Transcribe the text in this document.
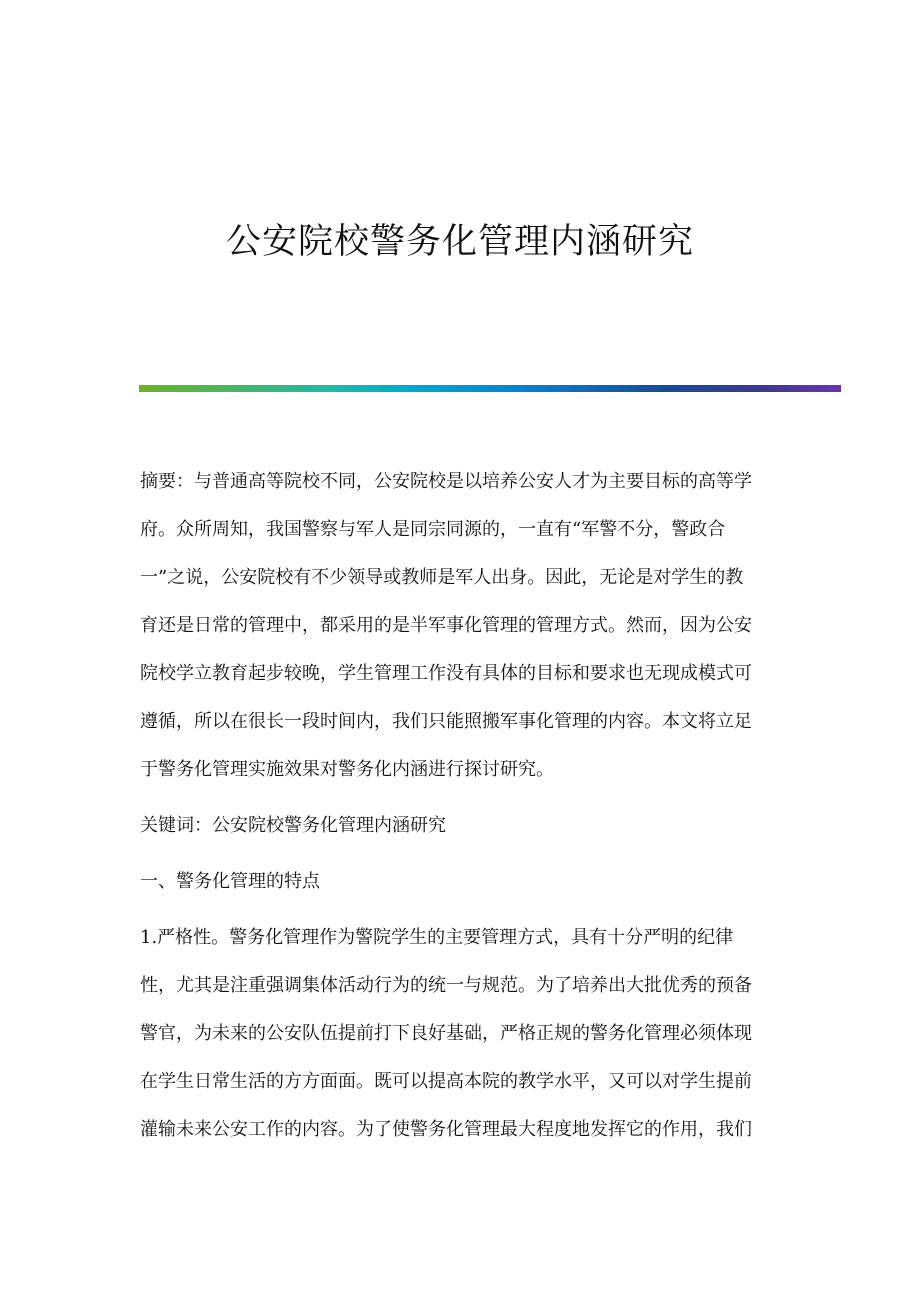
公安院校警务化管理内涵研究
摘要：与普通高等院校不同，公安院校是以培养公安人才为主要目标的高等学
府。众所周知，我国警察与军人是同宗同源的，一直有“军警不分，警政合
一”之说，公安院校有不少领导或教师是军人出身。因此，无论是对学生的教
育还是日常的管理中，都采用的是半军事化管理的管理方式。然而，因为公安
院校学立教育起步较晚，学生管理工作没有具体的目标和要求也无现成模式可
遵循，所以在很长一段时间内，我们只能照搬军事化管理的内容。本文将立足
于警务化管理实施效果对警务化内涵进行探讨研究。
关键词：公安院校警务化管理内涵研究
一、警务化管理的特点
1.严格性。警务化管理作为警院学生的主要管理方式，具有十分严明的纪律
性，尤其是注重强调集体活动行为的统一与规范。为了培养出大批优秀的预备
警官，为未来的公安队伍提前打下良好基础，严格正规的警务化管理必须体现
在学生日常生活的方方面面。既可以提高本院的教学水平，又可以对学生提前
灌输未来公安工作的内容。为了使警务化管理最大程度地发挥它的作用，我们
